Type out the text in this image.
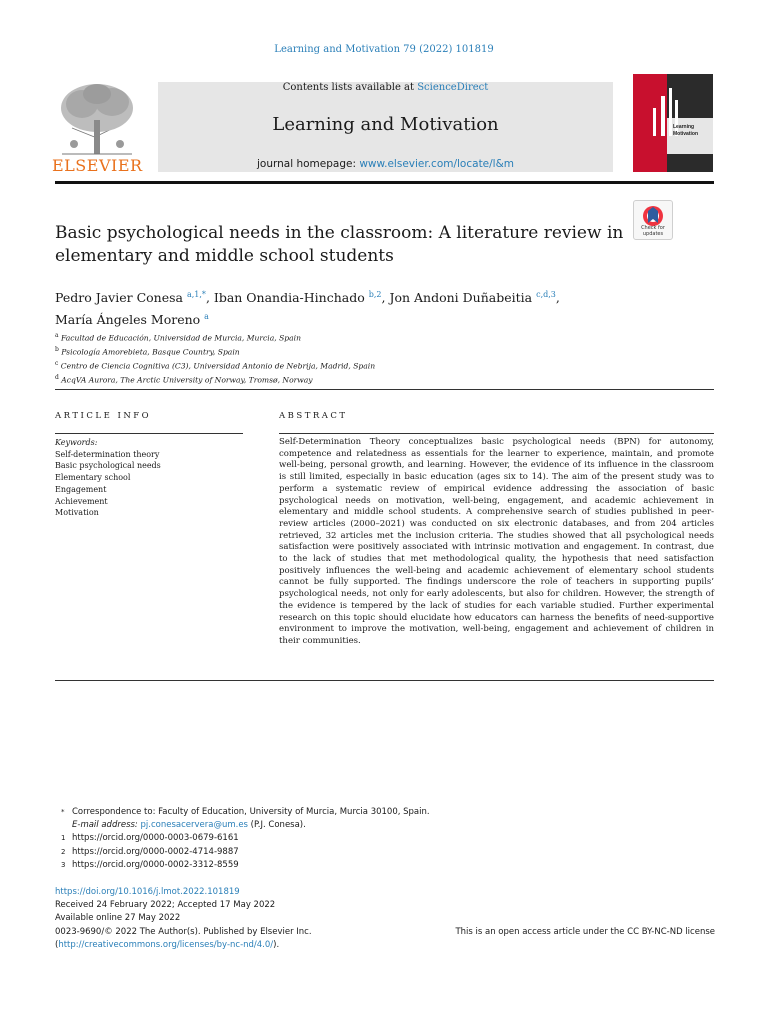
Learning and Motivation 79 (2022) 101819
ELSEVIER
Contents lists available at ScienceDirect
Learning and Motivation
journal homepage: www.elsevier.com/locate/l&m
Learning
Motivation
Check for
updates
Basic psychological needs in the classroom: A literature review in elementary and middle school students
Pedro Javier Conesa $^{a,1,*}$, Iban Onandia-Hinchado $^{b,2}$, Jon Andoni Duñabeitia $^{c,d,3}$,
María Ángeles Moreno $^a$
$^a$ Facultad de Educación, Universidad de Murcia, Murcia, Spain
$^b$ Psicología Amorebieta, Basque Country, Spain
$^c$ Centro de Ciencia Cognitiva (C3), Universidad Antonio de Nebrija, Madrid, Spain
$^d$ AcqVA Aurora, The Arctic University of Norway, Tromsø, Norway
ARTICLE INFO	ABSTRACT
Keywords:
Self-determination theory
Basic psychological needs
Elementary school
Engagement
Achievement
Motivation

Self-Determination Theory conceptualizes basic psychological needs (BPN) for autonomy, competence and relatedness as essentials for the learner to experience, maintain, and promote well-being, personal growth, and learning. However, the evidence of its influence in the classroom is still limited, especially in basic education (ages six to 14). The aim of the present study was to perform a systematic review of empirical evidence addressing the association of basic psychological needs on motivation, well-being, engagement, and academic achievement in elementary and middle school students. A comprehensive search of studies published in peer-review articles (2000–2021) was conducted on six electronic databases, and from 204 articles retrieved, 32 articles met the inclusion criteria. The studies showed that all psychological needs satisfaction were positively associated with intrinsic motivation and engagement. In contrast, due to the lack of studies that met methodological quality, the hypothesis that need satisfaction positively influences the well-being and academic achievement of elementary school students cannot be fully supported. The findings underscore the role of teachers in supporting pupils’ psychological needs, not only for early adolescents, but also for children. However, the strength of the evidence is tempered by the lack of studies for each variable studied. Further experimental research on this topic should elucidate how educators can harness the benefits of need-supportive environment to improve the motivation, well-being, engagement and achievement of children in their communities.

* Correspondence to: Faculty of Education, University of Murcia, Murcia 30100, Spain.
E-mail address: pj.conesacervera@um.es (P.J. Conesa).
1 https://orcid.org/0000-0003-0679-6161
2 https://orcid.org/0000-0002-4714-9887
3 https://orcid.org/0000-0002-3312-8559
https://doi.org/10.1016/j.lmot.2022.101819
Received 24 February 2022; Accepted 17 May 2022
Available online 27 May 2022
0023-9690/© 2022 The Author(s). Published by Elsevier Inc.	This is an open access article under the CC BY-NC-ND license
(http://creativecommons.org/licenses/by-nc-nd/4.0/).
